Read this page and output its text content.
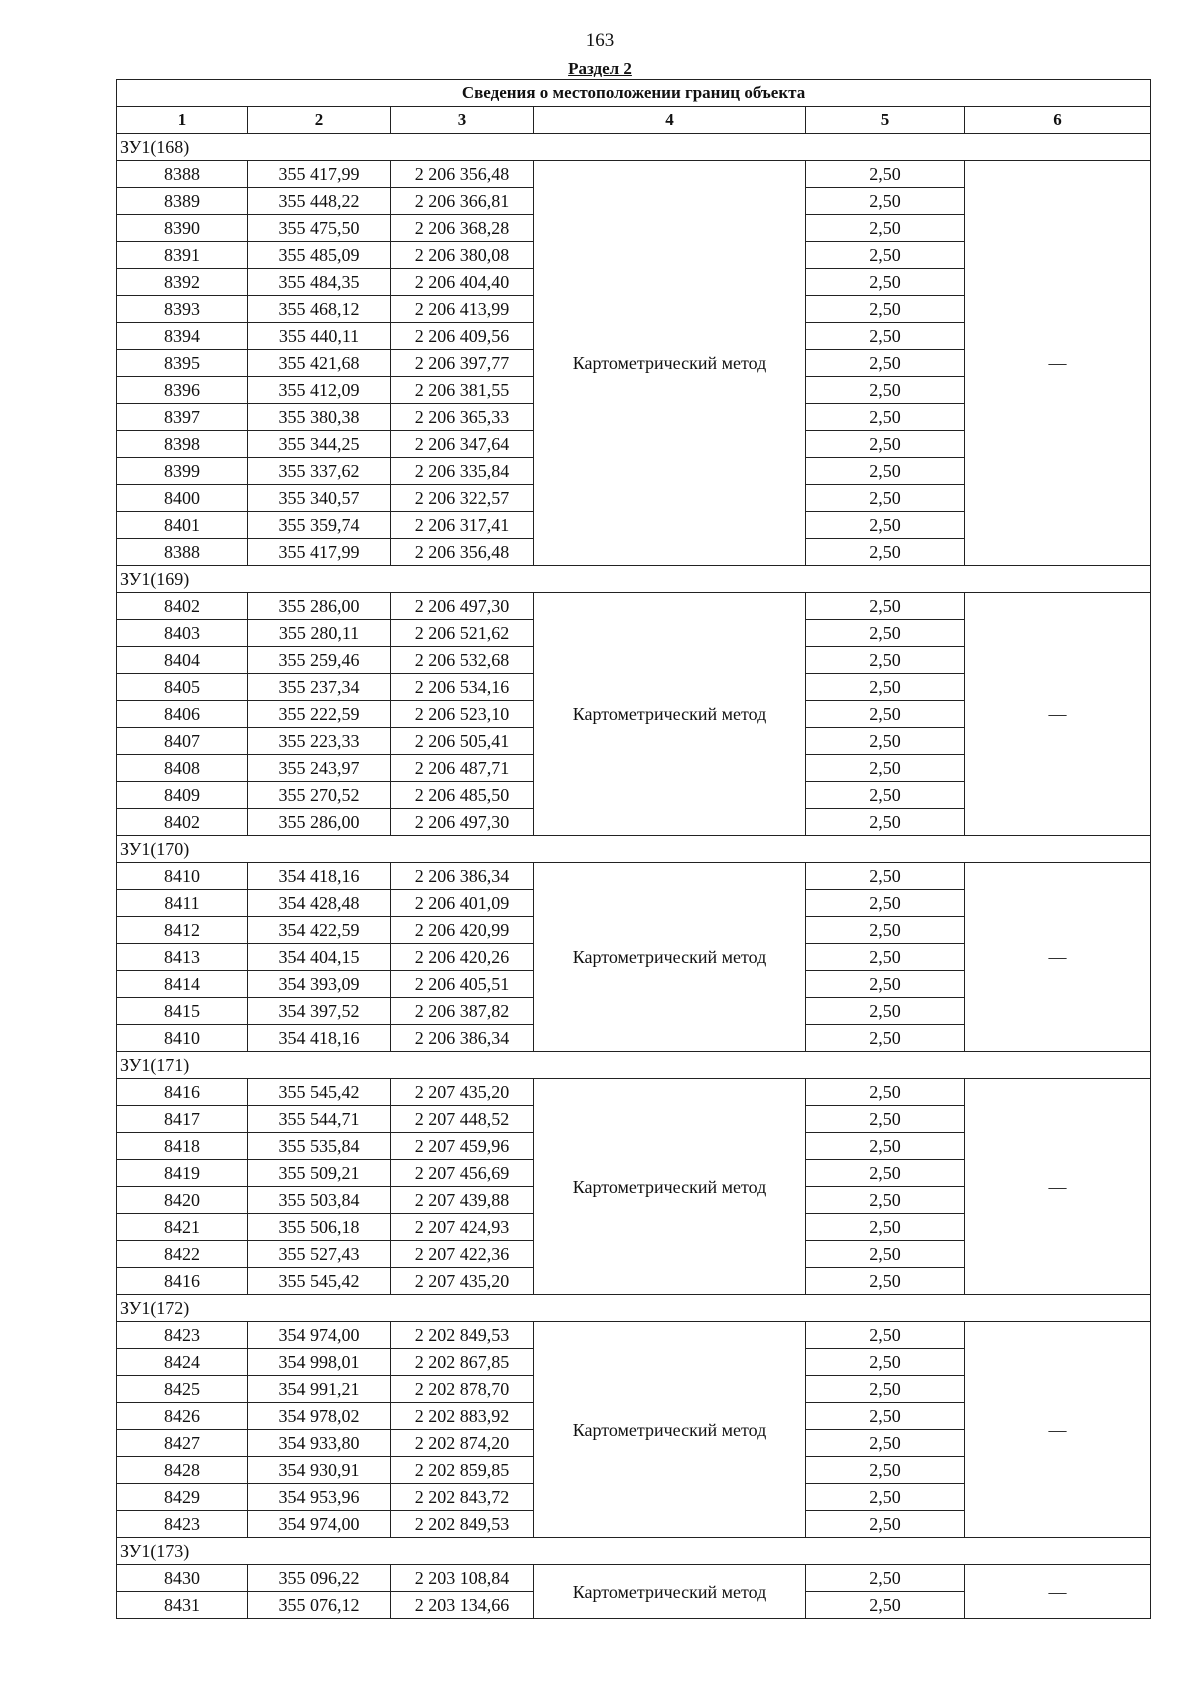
163
Раздел 2
Сведения о местоположении границ объекта					
1	2	3	4	5	6
ЗУ1(168)					
8388	355 417,99	2 206 356,48	Картометрический метод	2,50	—
8389	355 448,22	2 206 366,81		2,50	
8390	355 475,50	2 206 368,28		2,50	
8391	355 485,09	2 206 380,08		2,50	
8392	355 484,35	2 206 404,40		2,50	
8393	355 468,12	2 206 413,99		2,50	
8394	355 440,11	2 206 409,56		2,50	
8395	355 421,68	2 206 397,77		2,50	
8396	355 412,09	2 206 381,55		2,50	
8397	355 380,38	2 206 365,33		2,50	
8398	355 344,25	2 206 347,64		2,50	
8399	355 337,62	2 206 335,84		2,50	
8400	355 340,57	2 206 322,57		2,50	
8401	355 359,74	2 206 317,41		2,50	
8388	355 417,99	2 206 356,48		2,50	
ЗУ1(169)					
8402	355 286,00	2 206 497,30	Картометрический метод	2,50	—
8403	355 280,11	2 206 521,62		2,50	
8404	355 259,46	2 206 532,68		2,50	
8405	355 237,34	2 206 534,16		2,50	
8406	355 222,59	2 206 523,10		2,50	
8407	355 223,33	2 206 505,41		2,50	
8408	355 243,97	2 206 487,71		2,50	
8409	355 270,52	2 206 485,50		2,50	
8402	355 286,00	2 206 497,30		2,50	
ЗУ1(170)					
8410	354 418,16	2 206 386,34	Картометрический метод	2,50	—
8411	354 428,48	2 206 401,09		2,50	
8412	354 422,59	2 206 420,99		2,50	
8413	354 404,15	2 206 420,26		2,50	
8414	354 393,09	2 206 405,51		2,50	
8415	354 397,52	2 206 387,82		2,50	
8410	354 418,16	2 206 386,34		2,50	
ЗУ1(171)					
8416	355 545,42	2 207 435,20	Картометрический метод	2,50	—
8417	355 544,71	2 207 448,52		2,50	
8418	355 535,84	2 207 459,96		2,50	
8419	355 509,21	2 207 456,69		2,50	
8420	355 503,84	2 207 439,88		2,50	
8421	355 506,18	2 207 424,93		2,50	
8422	355 527,43	2 207 422,36		2,50	
8416	355 545,42	2 207 435,20		2,50	
ЗУ1(172)					
8423	354 974,00	2 202 849,53	Картометрический метод	2,50	—
8424	354 998,01	2 202 867,85		2,50	
8425	354 991,21	2 202 878,70		2,50	
8426	354 978,02	2 202 883,92		2,50	
8427	354 933,80	2 202 874,20		2,50	
8428	354 930,91	2 202 859,85		2,50	
8429	354 953,96	2 202 843,72		2,50	
8423	354 974,00	2 202 849,53		2,50	
ЗУ1(173)					
8430	355 096,22	2 203 108,84	Картометрический метод	2,50	—
8431	355 076,12	2 203 134,66		2,50	
